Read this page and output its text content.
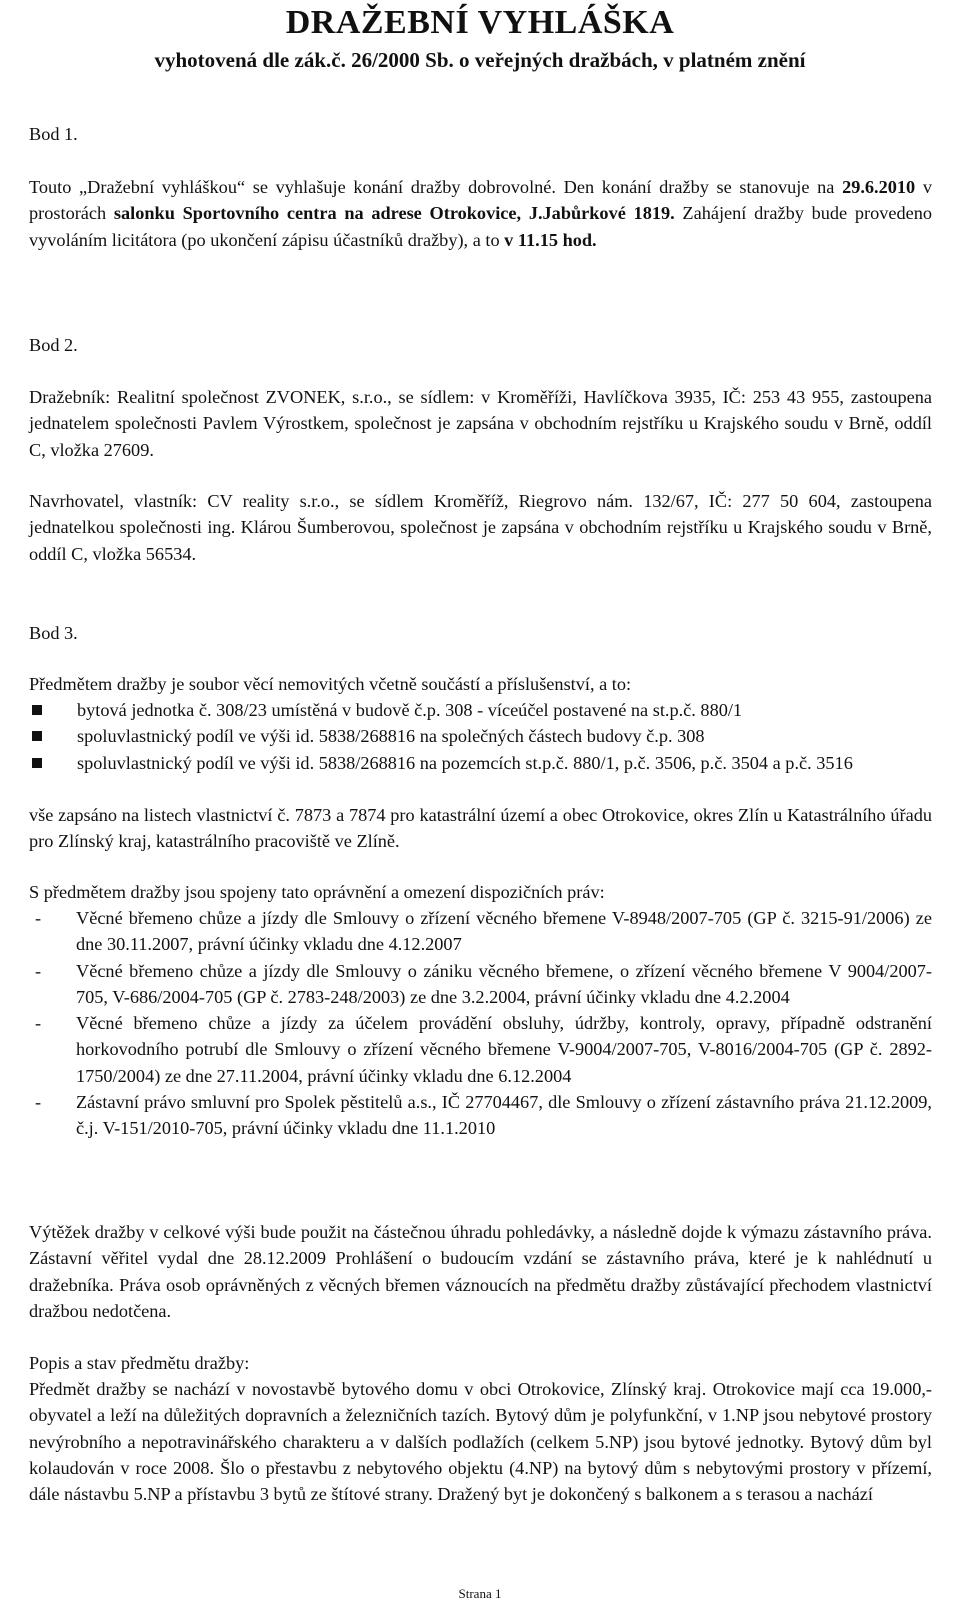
DRAŽEBNÍ VYHLÁŠKA

vyhotovená dle zák.č. 26/2000 Sb. o veřejných dražbách, v platném znění

Bod 1.

Touto „Dražební vyhláškou“ se vyhlašuje konání dražby dobrovolné. Den konání dražby se stanovuje na 29.6.2010 v prostorách salonku Sportovního centra na adrese Otrokovice, J.Jabůrkové 1819. Zahájení dražby bude provedeno vyvoláním licitátora (po ukončení zápisu účastníků dražby), a to v 11.15 hod.

Bod 2.

Dražebník: Realitní společnost ZVONEK, s.r.o., se sídlem: v Kroměříži, Havlíčkova 3935, IČ: 253 43 955, zastoupena jednatelem společnosti Pavlem Výrostkem, společnost je zapsána v obchodním rejstříku u Krajského soudu v Brně, oddíl C, vložka 27609.

Navrhovatel, vlastník: CV reality s.r.o., se sídlem Kroměříž, Riegrovo nám. 132/67, IČ: 277 50 604, zastoupena jednatelkou společnosti ing. Klárou Šumberovou, společnost je zapsána v obchodním rejstříku u Krajského soudu v Brně, oddíl C, vložka 56534.

Bod 3.

Předmětem dražby je soubor věcí nemovitých včetně součástí a příslušenství, a to:

bytová jednotka č. 308/23 umístěná v budově č.p. 308 - víceúčel postavené na st.p.č. 880/1
spoluvlastnický podíl ve výši id. 5838/268816 na společných částech budovy č.p. 308
spoluvlastnický podíl ve výši id. 5838/268816 na pozemcích st.p.č. 880/1, p.č. 3506, p.č. 3504 a p.č. 3516

vše zapsáno na listech vlastnictví č. 7873 a 7874 pro katastrální území a obec Otrokovice, okres Zlín u Katastrálního úřadu pro Zlínský kraj, katastrálního pracoviště ve Zlíně.

S předmětem dražby jsou spojeny tato oprávnění a omezení dispozičních práv:

- Věcné břemeno chůze a jízdy dle Smlouvy o zřízení věcného břemene V-8948/2007-705 (GP č. 3215-91/2006) ze dne 30.11.2007, právní účinky vkladu dne 4.12.2007
- Věcné břemeno chůze a jízdy dle Smlouvy o zániku věcného břemene, o zřízení věcného břemene V 9004/2007-705, V-686/2004-705 (GP č. 2783-248/2003) ze dne 3.2.2004, právní účinky vkladu dne 4.2.2004
- Věcné břemeno chůze a jízdy za účelem provádění obsluhy, údržby, kontroly, opravy, případně odstranění horkovodního potrubí dle Smlouvy o zřízení věcného břemene V-9004/2007-705, V-8016/2004-705 (GP č. 2892-1750/2004) ze dne 27.11.2004, právní účinky vkladu dne 6.12.2004
- Zástavní právo smluvní pro Spolek pěstitelů a.s., IČ 27704467, dle Smlouvy o zřízení zástavního práva 21.12.2009, č.j. V-151/2010-705, právní účinky vkladu dne 11.1.2010

Výtěžek dražby v celkové výši bude použit na částečnou úhradu pohledávky, a následně dojde k výmazu zástavního práva. Zástavní věřitel vydal dne 28.12.2009 Prohlášení o budoucím vzdání se zástavního práva, které je k nahlédnutí u dražebníka. Práva osob oprávněných z věcných břemen váznoucích na předmětu dražby zůstávající přechodem vlastnictví dražbou nedotčena.

Popis a stav předmětu dražby:

Předmět dražby se nachází v novostavbě bytového domu v obci Otrokovice, Zlínský kraj. Otrokovice mají cca 19.000,- obyvatel a leží na důležitých dopravních a železničních tazích. Bytový dům je polyfunkční, v 1.NP jsou nebytové prostory nevýrobního a nepotravinářského charakteru a v dalších podlažích (celkem 5.NP) jsou bytové jednotky. Bytový dům byl kolaudován v roce 2008. Šlo o přestavbu z nebytového objektu (4.NP) na bytový dům s nebytovými prostory v přízemí, dále nástavbu 5.NP a přístavbu 3 bytů ze štítové strany. Dražený byt je dokončený s balkonem a s terasou a nachází

Strana 1
